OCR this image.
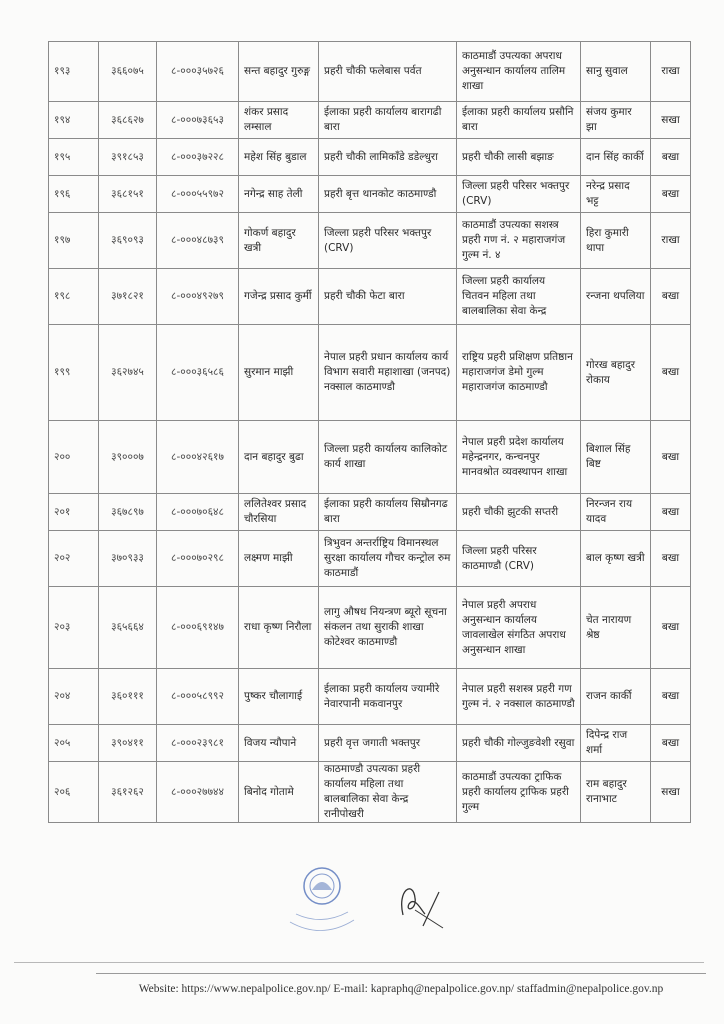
१९३	३६६०७५	८-०००३५७२६	सन्त बहादुर गुरुङ्ग	प्रहरी चौकी फलेबास पर्वत	काठमाडौं उपत्यका अपराध अनुसन्धान कार्यालय तालिम शाखा	सानु सुवाल	राखा
१९४	३६८६२७	८-०००७३६५३	शंकर प्रसाद लम्साल	ईलाका प्रहरी कार्यालय बारागढी बारा	ईलाका प्रहरी कार्यालय प्रसौनि बारा	संजय कुमार झा	सखा
१९५	३९१८५३	८-०००३७२२८	महेश सिंह बुडाल	प्रहरी चौकी लामिकाँडे डडेल्धुरा	प्रहरी चौकी लासी बझाङ	दान सिंह कार्की	बखा
१९६	३६८१५१	८-०००५५९७२	नगेन्द्र साह तेली	प्रहरी बृत्त थानकोट काठमाण्डौ	जिल्ला प्रहरी परिसर भक्तपुर (CRV)	नरेन्द्र प्रसाद भट्ट	बखा
१९७	३६९०९३	८-०००४८७३९	गोकर्ण बहादुर खत्री	जिल्ला प्रहरी परिसर भक्तपुर (CRV)	काठमाडौं उपत्यका सशस्त्र प्रहरी गण नं. २ महाराजगंज गुल्म नं. ४	हिरा कुमारी थापा	राखा
१९८	३७१८२१	८-०००४९२७९	गजेन्द्र प्रसाद कुर्मी	प्रहरी चौकी फेटा बारा	जिल्ला प्रहरी कार्यालय चितवन महिला तथा बालबालिका सेवा केन्द्र	रन्जना थपलिया	बखा
१९९	३६२७४५	८-०००३६५८६	सुरमान माझी	नेपाल प्रहरी प्रधान कार्यालय कार्य विभाग सवारी महाशाखा (जनपद) नक्साल काठमाण्डौ	राष्ट्रिय प्रहरी प्रशिक्षण प्रतिष्ठान महाराजगंज डेमो गुल्म महाराजगंज काठमाण्डौ	गोरख बहादुर रोकाय	बखा
२००	३९०००७	८-०००४२६१७	दान बहादुर बुढा	जिल्ला प्रहरी कार्यालय कालिकोट कार्य शाखा	नेपाल प्रहरी प्रदेश कार्यालय महेन्द्रनगर, कन्चनपुर मानवश्रोत व्यवस्थापन शाखा	बिशाल सिंह बिष्ट	बखा
२०१	३६७८९७	८-०००७०६४८	ललितेश्वर प्रसाद चौरसिया	ईलाका प्रहरी कार्यालय सिम्रौनगढ बारा	प्रहरी चौकी झुटकी सप्तरी	निरन्जन राय यादव	बखा
२०२	३७०९३३	८-०००७०२९८	लक्ष्मण माझी	त्रिभुवन अन्तर्राष्ट्रिय विमानस्थल सुरक्षा कार्यालय गौचर कन्ट्रोल रुम काठमाडौं	जिल्ला प्रहरी परिसर काठमाण्डौ (CRV)	बाल कृष्ण खत्री	बखा
२०३	३६५६६४	८-०००६९१४७	राधा कृष्ण निरौला	लागु औषध नियन्त्रण ब्यूरो सूचना संकलन तथा सुराकी शाखा कोटेश्वर काठमाण्डौ	नेपाल प्रहरी अपराध अनुसन्धान कार्यालय जावलाखेल संगठित अपराध अनुसन्धान शाखा	चेत नारायण श्रेष्ठ	बखा
२०४	३६०१११	८-०००५८९९२	पुष्कर चौलागाई	ईलाका प्रहरी कार्यालय ज्यामीरे नेवारपानी मकवानपुर	नेपाल प्रहरी सशस्त्र प्रहरी गण गुल्म नं. २ नक्साल काठमाण्डौ	राजन कार्की	बखा
२०५	३९०४११	८-०००२३९८१	विजय न्यौपाने	प्रहरी वृत्त जगाती भक्तपुर	प्रहरी चौकी गोल्जुङवेशी रसुवा	दिपेन्द्र राज शर्मा	बखा
२०६	३६१२६२	८-०००२७७४४	बिनोद गोतामे	काठमाण्डौ उपत्यका प्रहरी कार्यालय महिला तथा बालबालिका सेवा केन्द्र रानीपोखरी	काठमाडौं उपत्यका ट्राफिक प्रहरी कार्यालय ट्राफिक प्रहरी गुल्म	राम बहादुर रानाभाट	सखा
Website: https://www.nepalpolice.gov.np/ E-mail: kapraphq@nepalpolice.gov.np/ staffadmin@nepalpolice.gov.np
